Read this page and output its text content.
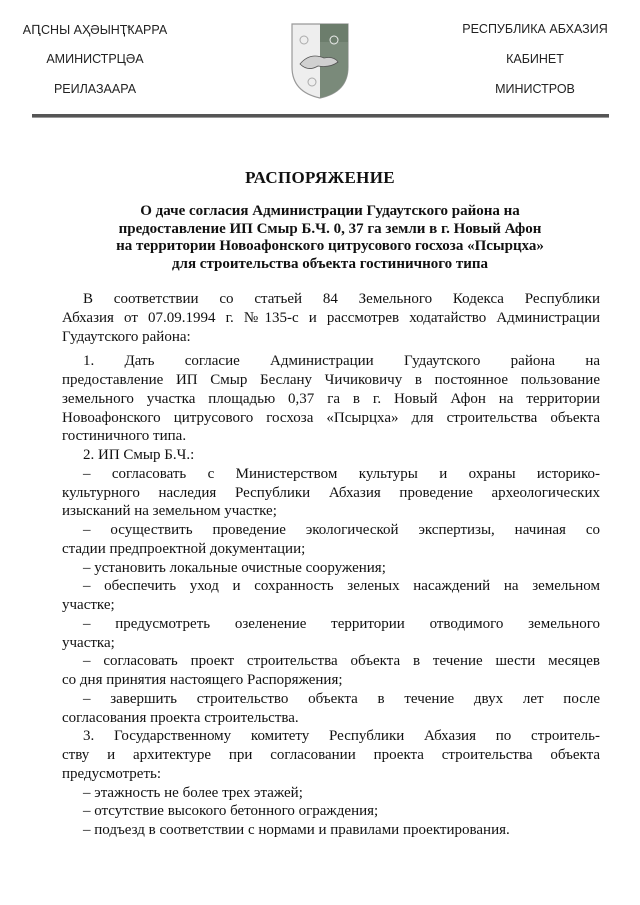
АԤСНЫ АҲӘЫНҬҞАРРА
АМИНИСТРЦӘА
РЕИЛАЗААРА
РЕСПУБЛИКА АБХАЗИЯ
КАБИНЕТ
МИНИСТРОВ
РАСПОРЯЖЕНИЕ
О даче согласия Администрации Гудаутского района на
предоставление ИП Смыр Б.Ч. 0, 37 га земли в г. Новый Афон
на территории Новоафонского цитрусового госхоза «Псырцха»
для строительства объекта гостиничного типа
В соответствии со статьей 84 Земельного Кодекса Республики
Абхазия от 07.09.1994 г. №135-с и рассмотрев ходатайство Администрации
Гудаутского района:
1. Дать согласие Администрации Гудаутского района на
предоставление ИП Смыр Беслану Чичиковичу в постоянное пользование
земельного участка площадью 0,37 га в г. Новый Афон на территории
Новоафонского цитрусового госхоза «Псырцха» для строительства объекта
гостиничного типа.
2. ИП Смыр Б.Ч.:
– согласовать с Министерством культуры и охраны историко-
культурного наследия Республики Абхазия проведение археологических
изысканий на земельном участке;
– осуществить проведение экологической экспертизы, начиная со
стадии предпроектной документации;
– установить локальные очистные сооружения;
– обеспечить уход и сохранность зеленых насаждений на земельном
участке;
– предусмотреть озеленение территории отводимого земельного
участка;
– согласовать проект строительства объекта в течение шести месяцев
со дня принятия настоящего Распоряжения;
– завершить строительство объекта в течение двух лет после
согласования проекта строительства.
3. Государственному комитету Республики Абхазия по строитель-
ству и архитектуре при согласовании проекта строительства объекта
предусмотреть:
– этажность не более трех этажей;
– отсутствие высокого бетонного ограждения;
– подъезд в соответствии с нормами и правилами проектирования.
